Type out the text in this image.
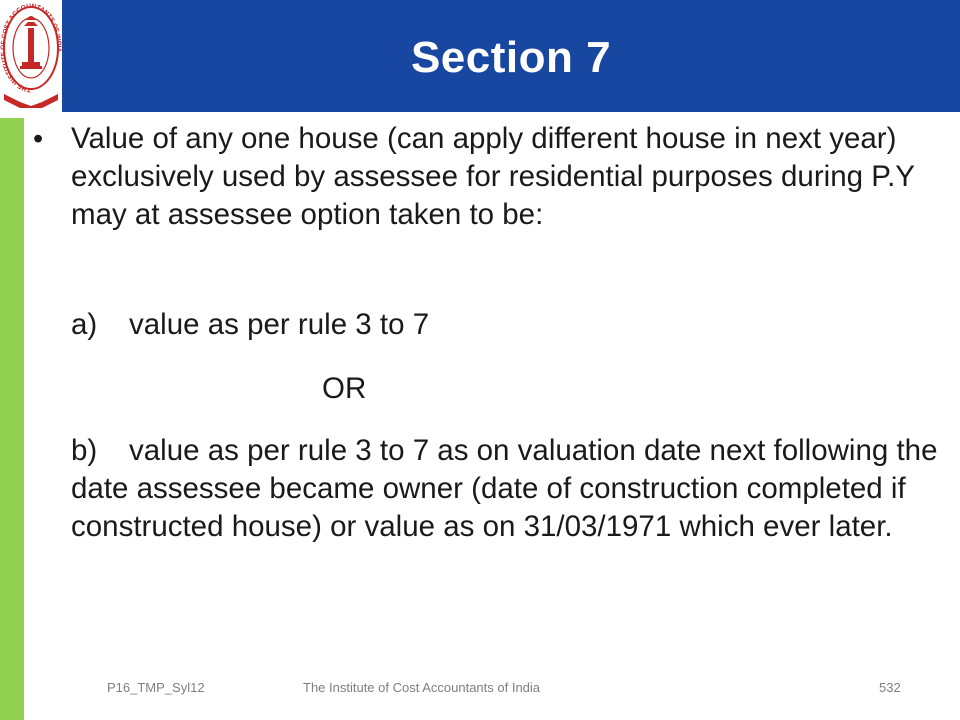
THE INSTITUTE OF COST ACCOUNTANTS OF INDIA	Section 7
• Value of any one house (can apply different house in next year) exclusively used by assessee for residential purposes during P.Y may at assessee option taken to be:

a) value as per rule 3 to 7
OR
b) value as per rule 3 to 7 as on valuation date next following the date assessee became owner (date of construction completed if constructed house) or value as on 31/03/1971 which ever later.
P16_TMP_Syl12	The Institute of Cost Accountants of India	532
